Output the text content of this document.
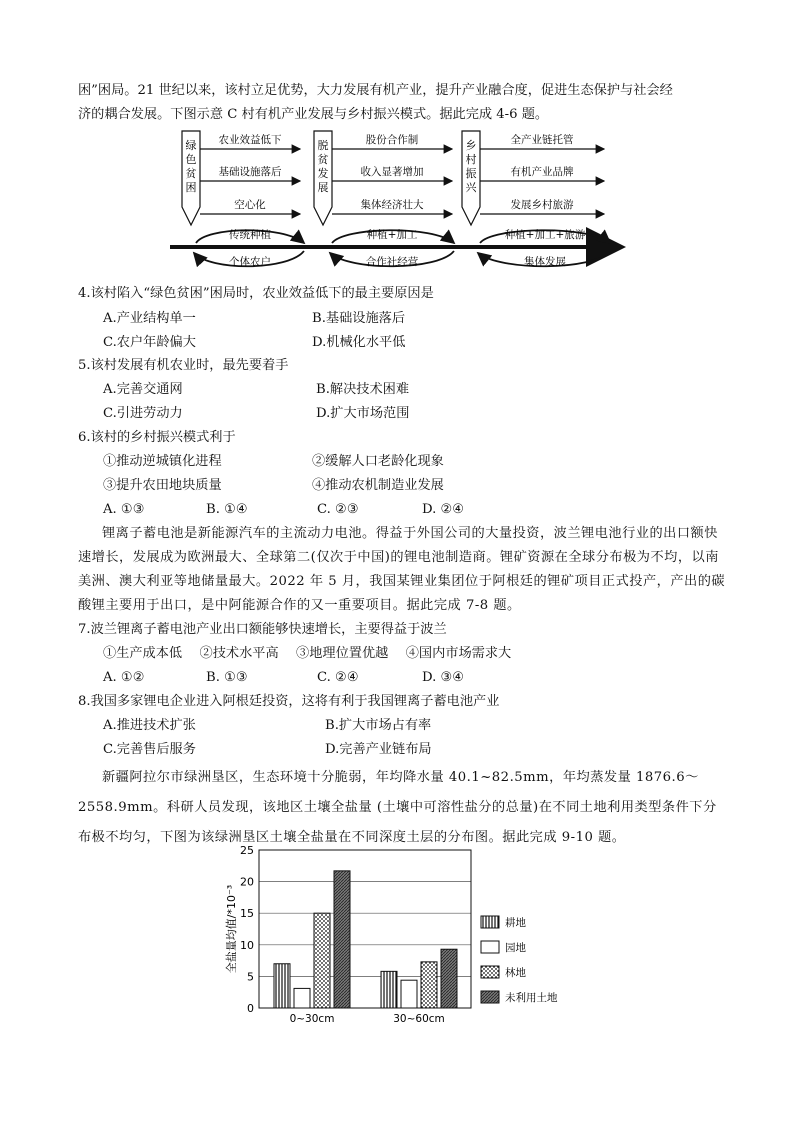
困”困局。21 世纪以来，该村立足优势，大力发展有机产业，提升产业融合度，促进生态保护与社会经
济的耦合发展。下图示意 C 村有机产业发展与乡村振兴模式。据此完成 4-6 题。
绿色贫困
脱贫发展
乡村振兴
农业效益低下
基础设施落后
空心化
股份合作制
收入显著增加
集体经济壮大
全产业链托管
有机产业品牌
发展乡村旅游
传统种植	种植+加工	种植+加工+旅游
个体农户	合作社经营	集体发展
4.该村陷入“绿色贫困”困局时，农业效益低下的最主要原因是
A.产业结构单一	B.基础设施落后
C.农户年龄偏大	D.机械化水平低
5.该村发展有机农业时，最先要着手
A.完善交通网	B.解决技术困难
C.引进劳动力	D.扩大市场范围
6.该村的乡村振兴模式利于
①推动逆城镇化进程	②缓解人口老龄化现象
③提升农田地块质量	④推动农机制造业发展
A. ①③	B. ①④	C. ②③	D. ②④
锂离子蓄电池是新能源汽车的主流动力电池。得益于外国公司的大量投资，波兰锂电池行业的出口额快速增长，发展成为欧洲最大、全球第二(仅次于中国)的锂电池制造商。锂矿资源在全球分布极为不均，以南美洲、澳大利亚等地储量最大。2022 年 5 月，我国某锂业集团位于阿根廷的锂矿项目正式投产，产出的碳酸锂主要用于出口，是中阿能源合作的又一重要项目。据此完成 7-8 题。
7.波兰锂离子蓄电池产业出口额能够快速增长，主要得益于波兰
①生产成本低　 ②技术水平高　 ③地理位置优越　 ④国内市场需求大
A. ①②	B. ①③	C. ②④	D. ③④
8.我国多家锂电企业进入阿根廷投资，这将有利于我国锂离子蓄电池产业
A.推进技术扩张	B.扩大市场占有率
C.完善售后服务	D.完善产业链布局
新疆阿拉尔市绿洲垦区，生态环境十分脆弱，年均降水量 40.1~82.5mm，年均蒸发量 1876.6～2558.9mm。科研人员发现，该地区土壤全盐量 (土壤中可溶性盐分的总量)在不同土地利用类型条件下分布极不均匀，下图为该绿洲垦区土壤全盐量在不同深度土层的分布图。据此完成 9-10 题。
0
5
10
15
20
25
全盐量均值/*10⁻³
0~30cm	30~60cm
耕地
园地
林地
未利用土地
